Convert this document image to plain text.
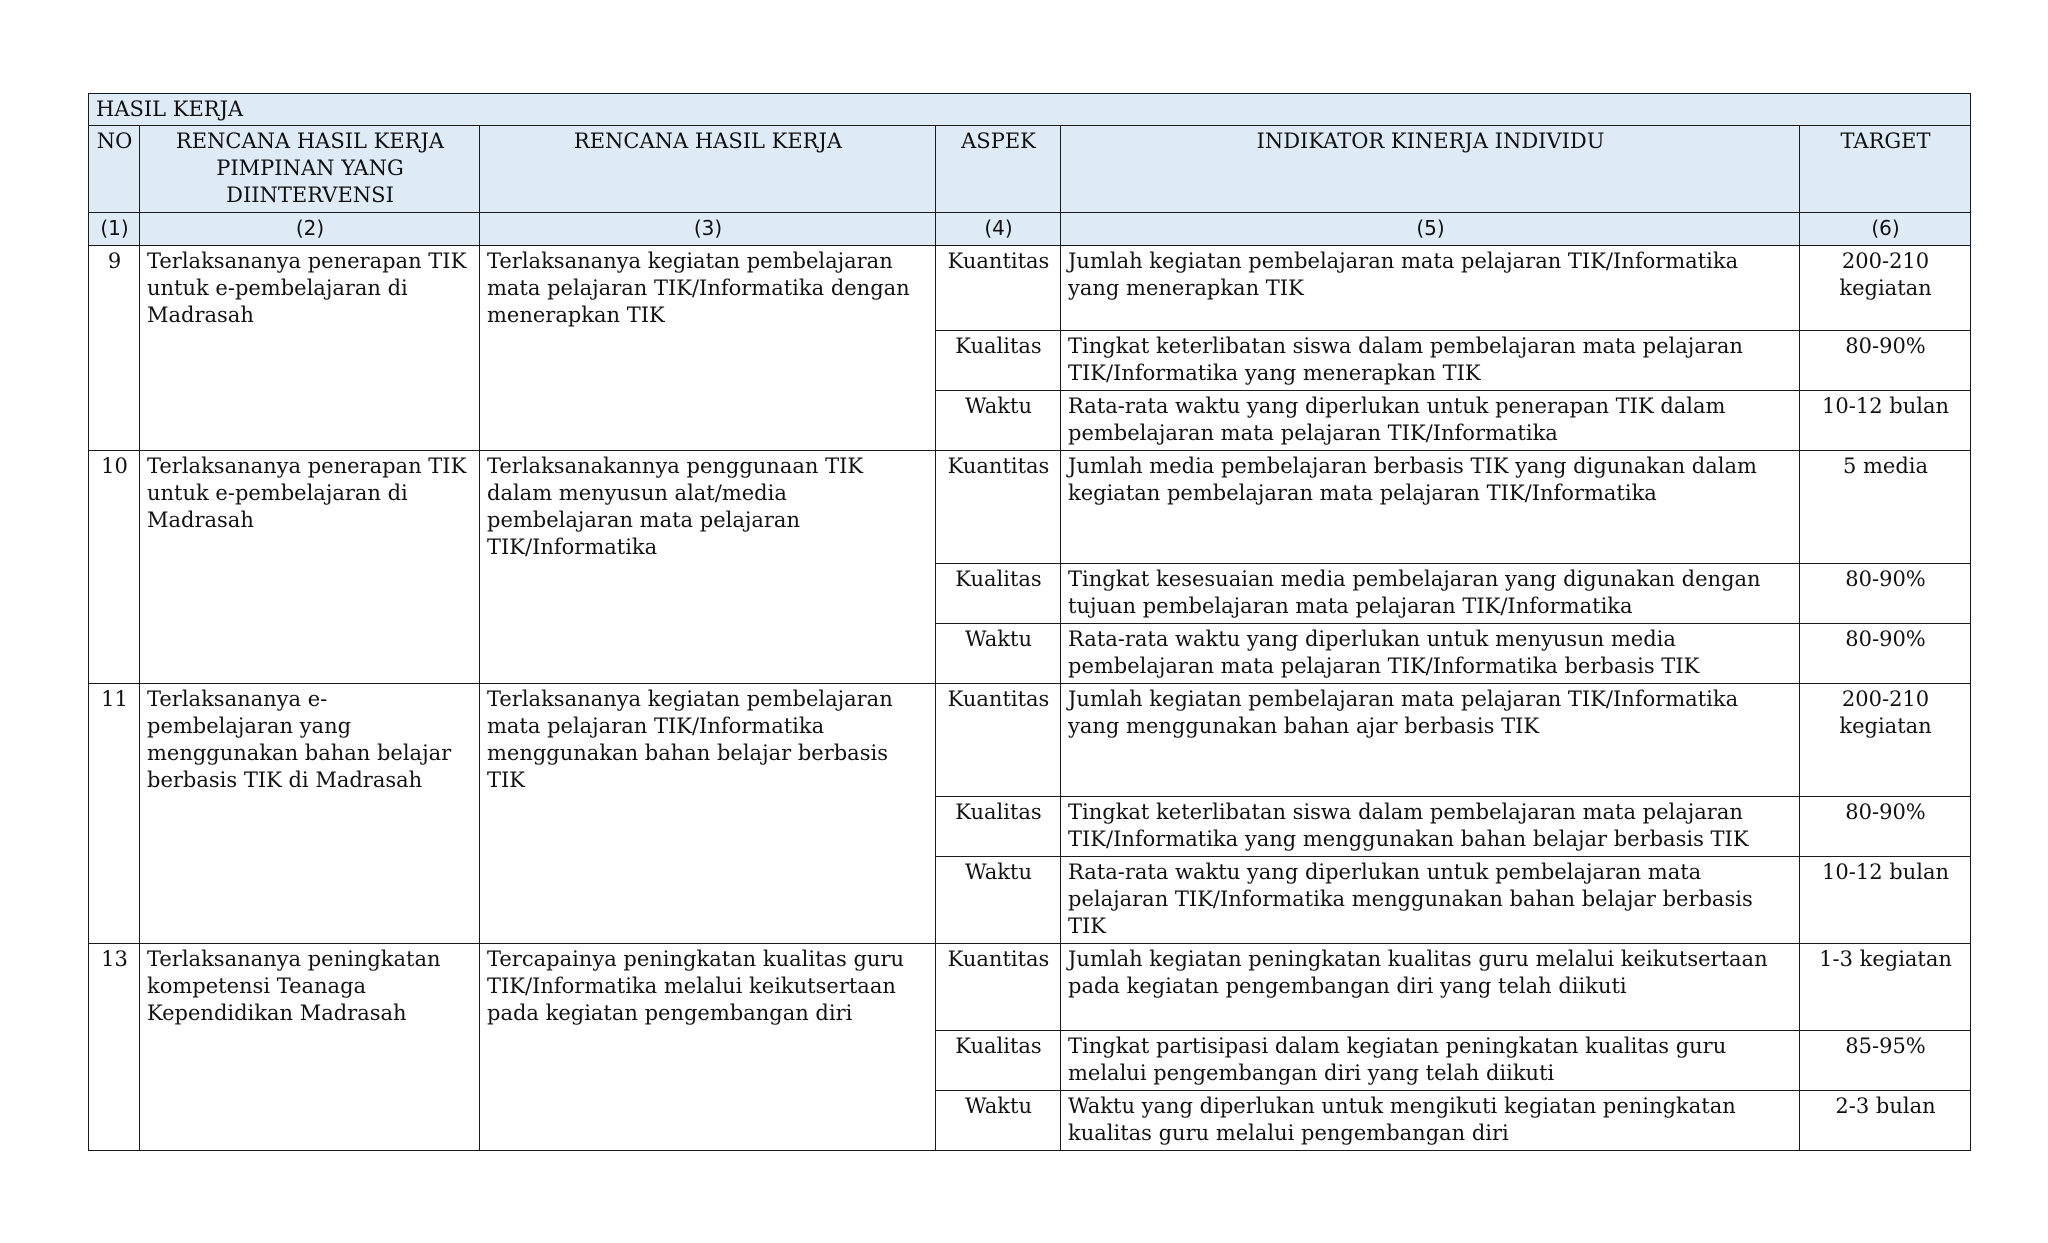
HASIL KERJA					
NO	RENCANA HASIL KERJA PIMPINAN YANG DIINTERVENSI	RENCANA HASIL KERJA	ASPEK	INDIKATOR KINERJA INDIVIDU	TARGET
(1)	(2)	(3)	(4)	(5)	(6)
9	Terlaksananya penerapan TIK untuk e-pembelajaran di Madrasah	Terlaksananya kegiatan pembelajaran mata pelajaran TIK/Informatika dengan menerapkan TIK	Kuantitas	Jumlah kegiatan pembelajaran mata pelajaran TIK/Informatika yang menerapkan TIK	200-210 kegiatan
			Kualitas	Tingkat keterlibatan siswa dalam pembelajaran mata pelajaran TIK/Informatika yang menerapkan TIK	80-90%
			Waktu	Rata-rata waktu yang diperlukan untuk penerapan TIK dalam pembelajaran mata pelajaran TIK/Informatika	10-12 bulan
10	Terlaksananya penerapan TIK untuk e-pembelajaran di Madrasah	Terlaksanakannya penggunaan TIK dalam menyusun alat/media pembelajaran mata pelajaran TIK/Informatika	Kuantitas	Jumlah media pembelajaran berbasis TIK yang digunakan dalam kegiatan pembelajaran mata pelajaran TIK/Informatika	5 media
			Kualitas	Tingkat kesesuaian media pembelajaran yang digunakan dengan tujuan pembelajaran mata pelajaran TIK/Informatika	80-90%
			Waktu	Rata-rata waktu yang diperlukan untuk menyusun media pembelajaran mata pelajaran TIK/Informatika berbasis TIK	80-90%
11	Terlaksananya e-pembelajaran yang menggunakan bahan belajar berbasis TIK di Madrasah	Terlaksananya kegiatan pembelajaran mata pelajaran TIK/Informatika menggunakan bahan belajar berbasis TIK	Kuantitas	Jumlah kegiatan pembelajaran mata pelajaran TIK/Informatika yang menggunakan bahan ajar berbasis TIK	200-210 kegiatan
			Kualitas	Tingkat keterlibatan siswa dalam pembelajaran mata pelajaran TIK/Informatika yang menggunakan bahan belajar berbasis TIK	80-90%
			Waktu	Rata-rata waktu yang diperlukan untuk pembelajaran mata pelajaran TIK/Informatika menggunakan bahan belajar berbasis TIK	10-12 bulan
13	Terlaksananya peningkatan kompetensi Teanaga Kependidikan Madrasah	Tercapainya peningkatan kualitas guru TIK/Informatika melalui keikutsertaan pada kegiatan pengembangan diri	Kuantitas	Jumlah kegiatan peningkatan kualitas guru melalui keikutsertaan pada kegiatan pengembangan diri yang telah diikuti	1-3 kegiatan
			Kualitas	Tingkat partisipasi dalam kegiatan peningkatan kualitas guru melalui pengembangan diri yang telah diikuti	85-95%
			Waktu	Waktu yang diperlukan untuk mengikuti kegiatan peningkatan kualitas guru melalui pengembangan diri	2-3 bulan
